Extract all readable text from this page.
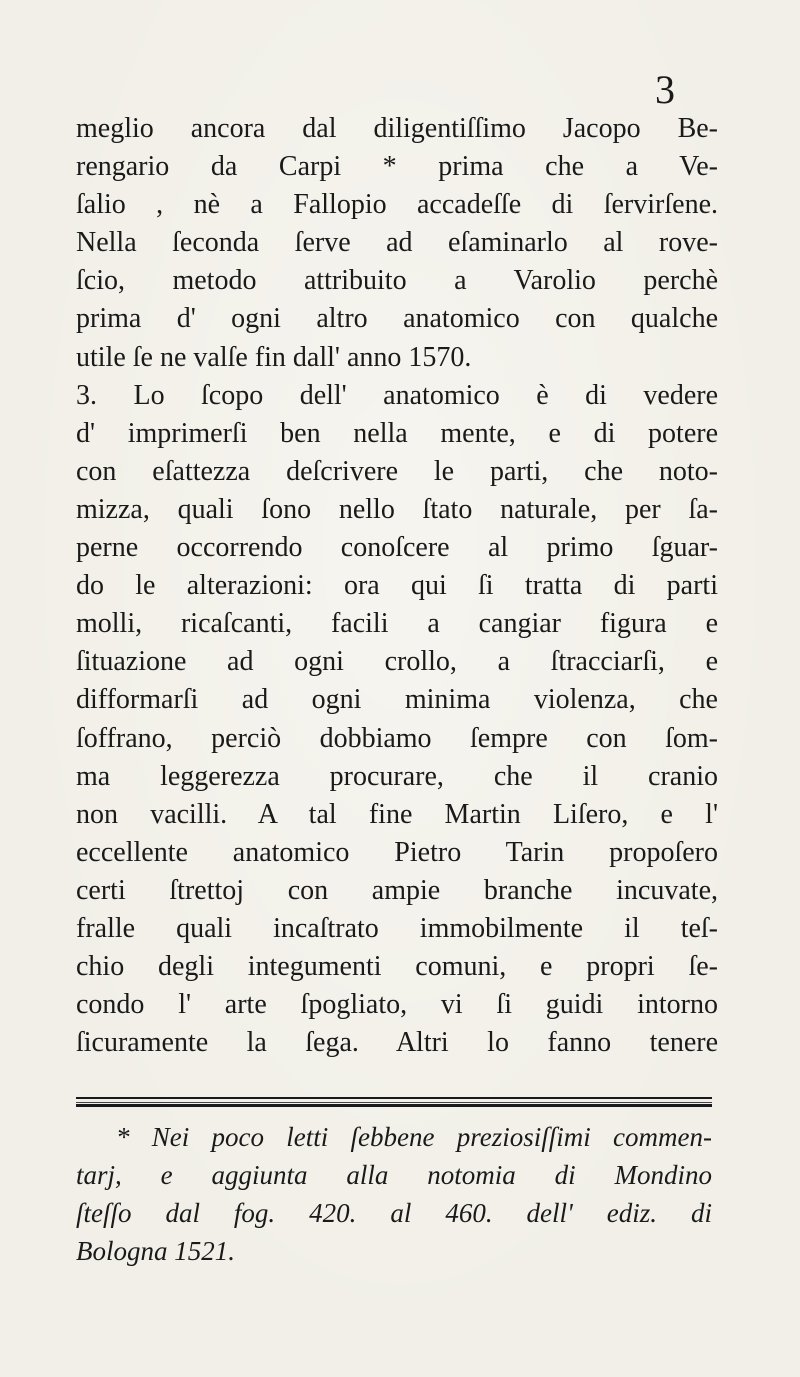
3
meglio ancora dal diligentiſſimo Jacopo Be-
rengario da Carpi * prima che a Ve-
ſalio , nè a Fallopio accadeſſe di ſervirſene.
Nella ſeconda ſerve ad eſaminarlo al rove-
ſcio, metodo attribuito a Varolio perchè
prima d' ogni altro anatomico con qualche
utile ſe ne valſe fin dall' anno 1570.
3. Lo ſcopo dell' anatomico è di vedere
d' imprimerſi ben nella mente, e di potere
con eſattezza deſcrivere le parti, che noto-
mizza, quali ſono nello ſtato naturale, per ſa-
perne occorrendo conoſcere al primo ſguar-
do le alterazioni: ora qui ſi tratta di parti
molli, ricaſcanti, facili a cangiar figura e
ſituazione ad ogni crollo, a ſtracciarſi, e
difformarſi ad ogni minima violenza, che
ſoffrano, perciò dobbiamo ſempre con ſom-
ma leggerezza procurare, che il cranio
non vacilli. A tal fine Martin Liſero, e l'
eccellente anatomico Pietro Tarin propoſero
certi ſtrettoj con ampie branche incuvate,
fralle quali incaſtrato immobilmente il teſ-
chio degli integumenti comuni, e propri ſe-
condo l' arte ſpogliato, vi ſi guidi intorno
ſicuramente la ſega. Altri lo fanno tenere
* Nei poco letti ſebbene preziosiſſimi commen-
tarj, e aggiunta alla notomia di Mondino
ſteſſo dal fog. 420. al 460. dell' ediz. di
Bologna 1521.
